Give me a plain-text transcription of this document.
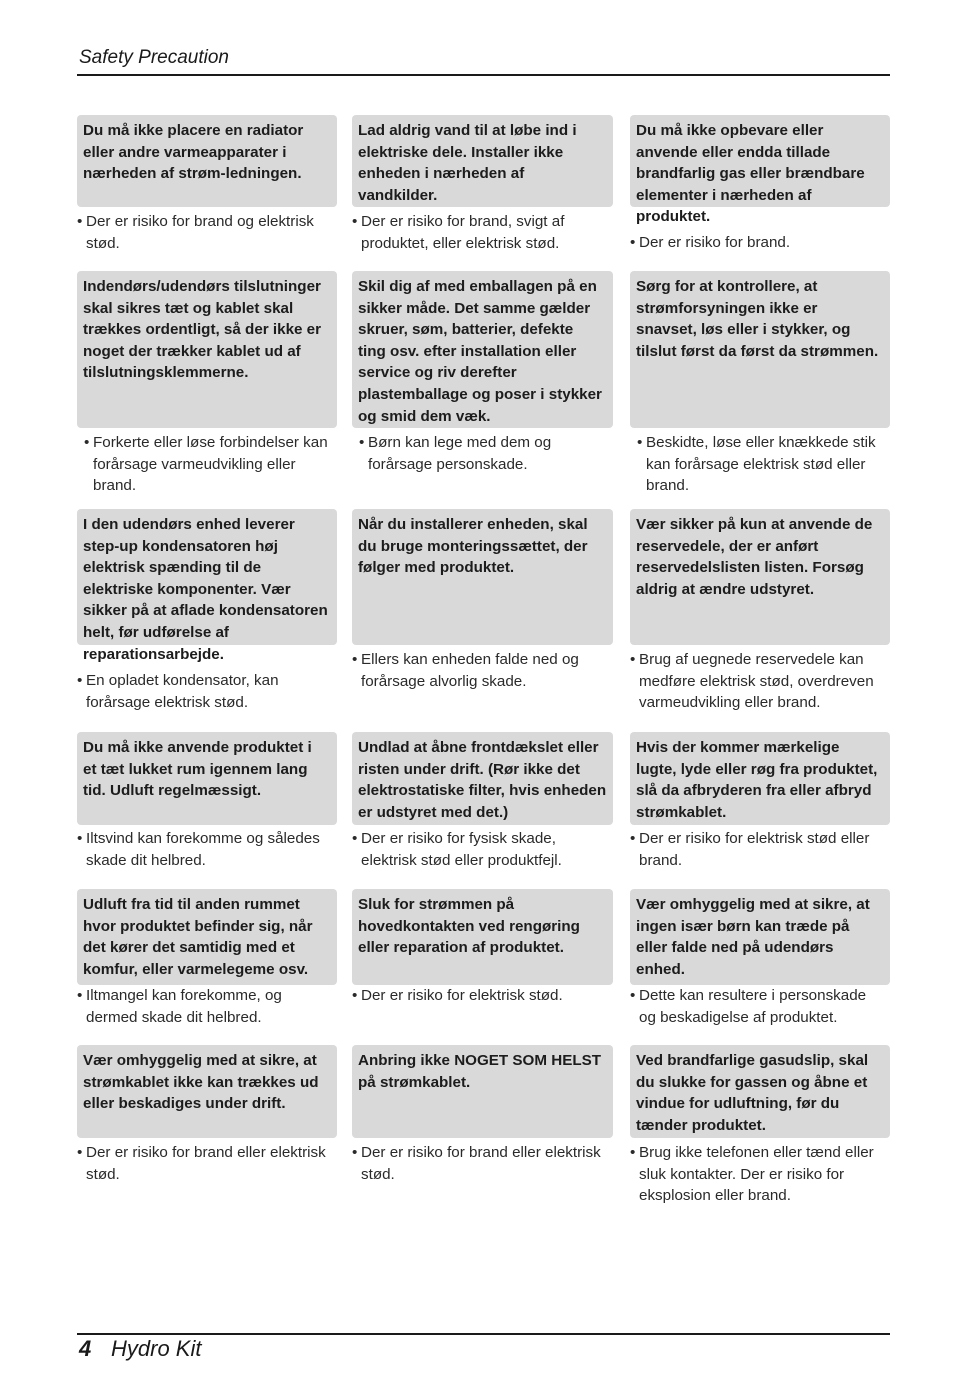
Safety Precaution
Du må ikke placere en radiator
eller andre varmeapparater i
nærheden af strøm-ledningen.
• Der er risiko for brand og elektrisk
stød.
Lad aldrig vand til at løbe ind i
elektriske dele. Installer ikke
enheden i nærheden af
vandkilder.
• Der er risiko for brand, svigt af
produktet, eller elektrisk stød.
Du må ikke opbevare eller
anvende eller endda tillade
brandfarlig gas eller brændbare
elementer i nærheden af
produktet.
• Der er risiko for brand.
Indendørs/udendørs tilslutninger
skal sikres tæt og kablet skal
trækkes ordentligt, så der ikke er
noget der trækker kablet ud af
tilslutningsklemmerne.
• Forkerte eller løse forbindelser kan
forårsage varmeudvikling eller
brand.
Skil dig af med emballagen på en
sikker måde. Det samme gælder
skruer, søm, batterier, defekte
ting osv. efter installation eller
service og riv derefter
plastemballage og poser i stykker
og smid dem væk.
• Børn kan lege med dem og
forårsage personskade.
Sørg for at kontrollere, at
strømforsyningen ikke er
snavset, løs eller i stykker, og
tilslut først da først da strømmen.
• Beskidte, løse eller knækkede stik
kan forårsage elektrisk stød eller
brand.
I den udendørs enhed leverer
step-up kondensatoren høj
elektrisk spænding til de
elektriske komponenter. Vær
sikker på at aflade kondensatoren
helt, før udførelse af
reparationsarbejde.
• En opladet kondensator, kan
forårsage elektrisk stød.
Når du installerer enheden, skal
du bruge monteringssættet, der
følger med produktet.
• Ellers kan enheden falde ned og
forårsage alvorlig skade.
Vær sikker på kun at anvende de
reservedele, der er anført
reservedelslisten listen. Forsøg
aldrig at ændre udstyret.
• Brug af uegnede reservedele kan
medføre elektrisk stød, overdreven
varmeudvikling eller brand.
Du må ikke anvende produktet i
et tæt lukket rum igennem lang
tid. Udluft regelmæssigt.
• Iltsvind kan forekomme og således
skade dit helbred.
Undlad at åbne frontdækslet eller
risten under drift. (Rør ikke det
elektrostatiske filter, hvis enheden
er udstyret med det.)
• Der er risiko for fysisk skade,
elektrisk stød eller produktfejl.
Hvis der kommer mærkelige
lugte, lyde eller røg fra produktet,
slå da afbryderen fra eller afbryd
strømkablet.
• Der er risiko for elektrisk stød eller
brand.
Udluft fra tid til anden rummet
hvor produktet befinder sig, når
det kører det samtidig med et
komfur, eller varmelegeme osv.
• Iltmangel kan forekomme, og
dermed skade dit helbred.
Sluk for strømmen på
hovedkontakten ved rengøring
eller reparation af produktet.
• Der er risiko for elektrisk stød.
Vær omhyggelig med at sikre, at
ingen især børn kan træde på
eller falde ned på udendørs
enhed.
• Dette kan resultere i personskade
og beskadigelse af produktet.
Vær omhyggelig med at sikre, at
strømkablet ikke kan trækkes ud
eller beskadiges under drift.
• Der er risiko for brand eller elektrisk
stød.
Anbring ikke NOGET SOM HELST
på strømkablet.
• Der er risiko for brand eller elektrisk
stød.
Ved brandfarlige gasudslip, skal
du slukke for gassen og åbne et
vindue for udluftning, før du
tænder produktet.
• Brug ikke telefonen eller tænd eller
sluk kontakter. Der er risiko for
eksplosion eller brand.
4 Hydro Kit
